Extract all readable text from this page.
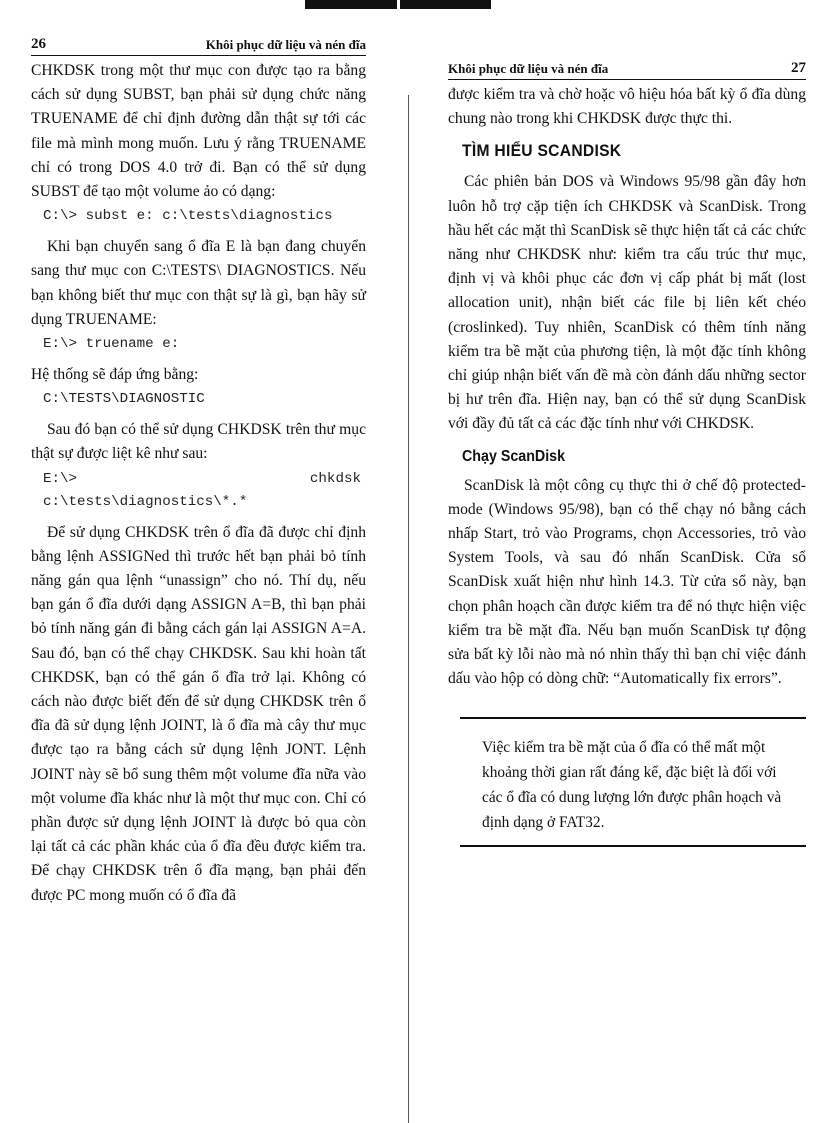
26	Khôi phục dữ liệu và nén đĩa

CHKDSK trong một thư mục con được tạo ra bằng cách sử dụng SUBST, bạn phải sử dụng chức năng TRUENAME để chỉ định đường dẫn thật sự tới các file mà mình mong muốn. Lưu ý rằng TRUENAME chỉ có trong DOS 4.0 trở đi. Bạn có thể sử dụng SUBST để tạo một volume ảo có dạng:

C:\> subst e: c:\tests\diagnostics

Khi bạn chuyển sang ổ đĩa E là bạn đang chuyển sang thư mục con C:\TESTS\ DIAGNOSTICS. Nếu bạn không biết thư mục con thật sự là gì, bạn hãy sử dụng TRUENAME:

E:\> truename e:

Hệ thống sẽ đáp ứng bằng:

C:\TESTS\DIAGNOSTIC

Sau đó bạn có thể sử dụng CHKDSK trên thư mục thật sự được liệt kê như sau:

E:\>	chkdsk
c:\tests\diagnostics\*.*

Để sử dụng CHKDSK trên ổ đĩa đã được chỉ định bằng lệnh ASSIGNed thì trước hết bạn phải bỏ tính năng gán qua lệnh “unassign” cho nó. Thí dụ, nếu bạn gán ổ đĩa dưới dạng ASSIGN A=B, thì bạn phải bỏ tính năng gán đi bằng cách gán lại ASSIGN A=A. Sau đó, bạn có thể chạy CHKDSK. Sau khi hoàn tất CHKDSK, bạn có thể gán ổ đĩa trở lại. Không có cách nào được biết đến để sử dụng CHKDSK trên ổ đĩa đã sử dụng lệnh JOINT, là ổ đĩa mà cây thư mục được tạo ra bằng cách sử dụng lệnh JONT. Lệnh JOINT này sẽ bổ sung thêm một volume đĩa nữa vào một volume đĩa khác như là một thư mục con. Chỉ có phần được sử dụng lệnh JOINT là được bỏ qua còn lại tất cả các phần khác của ổ đĩa đều được kiểm tra. Để chạy CHKDSK trên ổ đĩa mạng, bạn phải đến được PC mong muốn có ổ đĩa đã

Khôi phục dữ liệu và nén đĩa	27

được kiểm tra và chờ hoặc vô hiệu hóa bất kỳ ổ đĩa dùng chung nào trong khi CHKDSK được thực thi.

TÌM HIỂU SCANDISK

Các phiên bản DOS và Windows 95/98 gần đây hơn luôn hỗ trợ cặp tiện ích CHKDSK và ScanDisk. Trong hầu hết các mặt thì ScanDisk sẽ thực hiện tất cả các chức năng như CHKDSK như: kiểm tra cấu trúc thư mục, định vị và khôi phục các đơn vị cấp phát bị mất (lost allocation unit), nhận biết các file bị liên kết chéo (croslinked). Tuy nhiên, ScanDisk có thêm tính năng kiểm tra bề mặt của phương tiện, là một đặc tính không chỉ giúp nhận biết vấn đề mà còn đánh dấu những sector bị hư trên đĩa. Hiện nay, bạn có thể sử dụng ScanDisk với đầy đủ tất cả các đặc tính như với CHKDSK.

Chạy ScanDisk

ScanDisk là một công cụ thực thi ở chế độ protected-mode (Windows 95/98), bạn có thể chạy nó bằng cách nhấp Start, trỏ vào Programs, chọn Accessories, trỏ vào System Tools, và sau đó nhấn ScanDisk. Cửa sổ ScanDisk xuất hiện như hình 14.3. Từ cửa sổ này, bạn chọn phân hoạch cần được kiểm tra để nó thực hiện việc kiểm tra bề mặt đĩa. Nếu bạn muốn ScanDisk tự động sửa bất kỳ lỗi nào mà nó nhìn thấy thì bạn chỉ việc đánh dấu vào hộp có dòng chữ: “Automatically fix errors”.

Việc kiểm tra bề mặt của ổ đĩa có thể mất một khoảng thời gian rất đáng kể, đặc biệt là đối với các ổ đĩa có dung lượng lớn được phân hoạch và định dạng ở FAT32.
